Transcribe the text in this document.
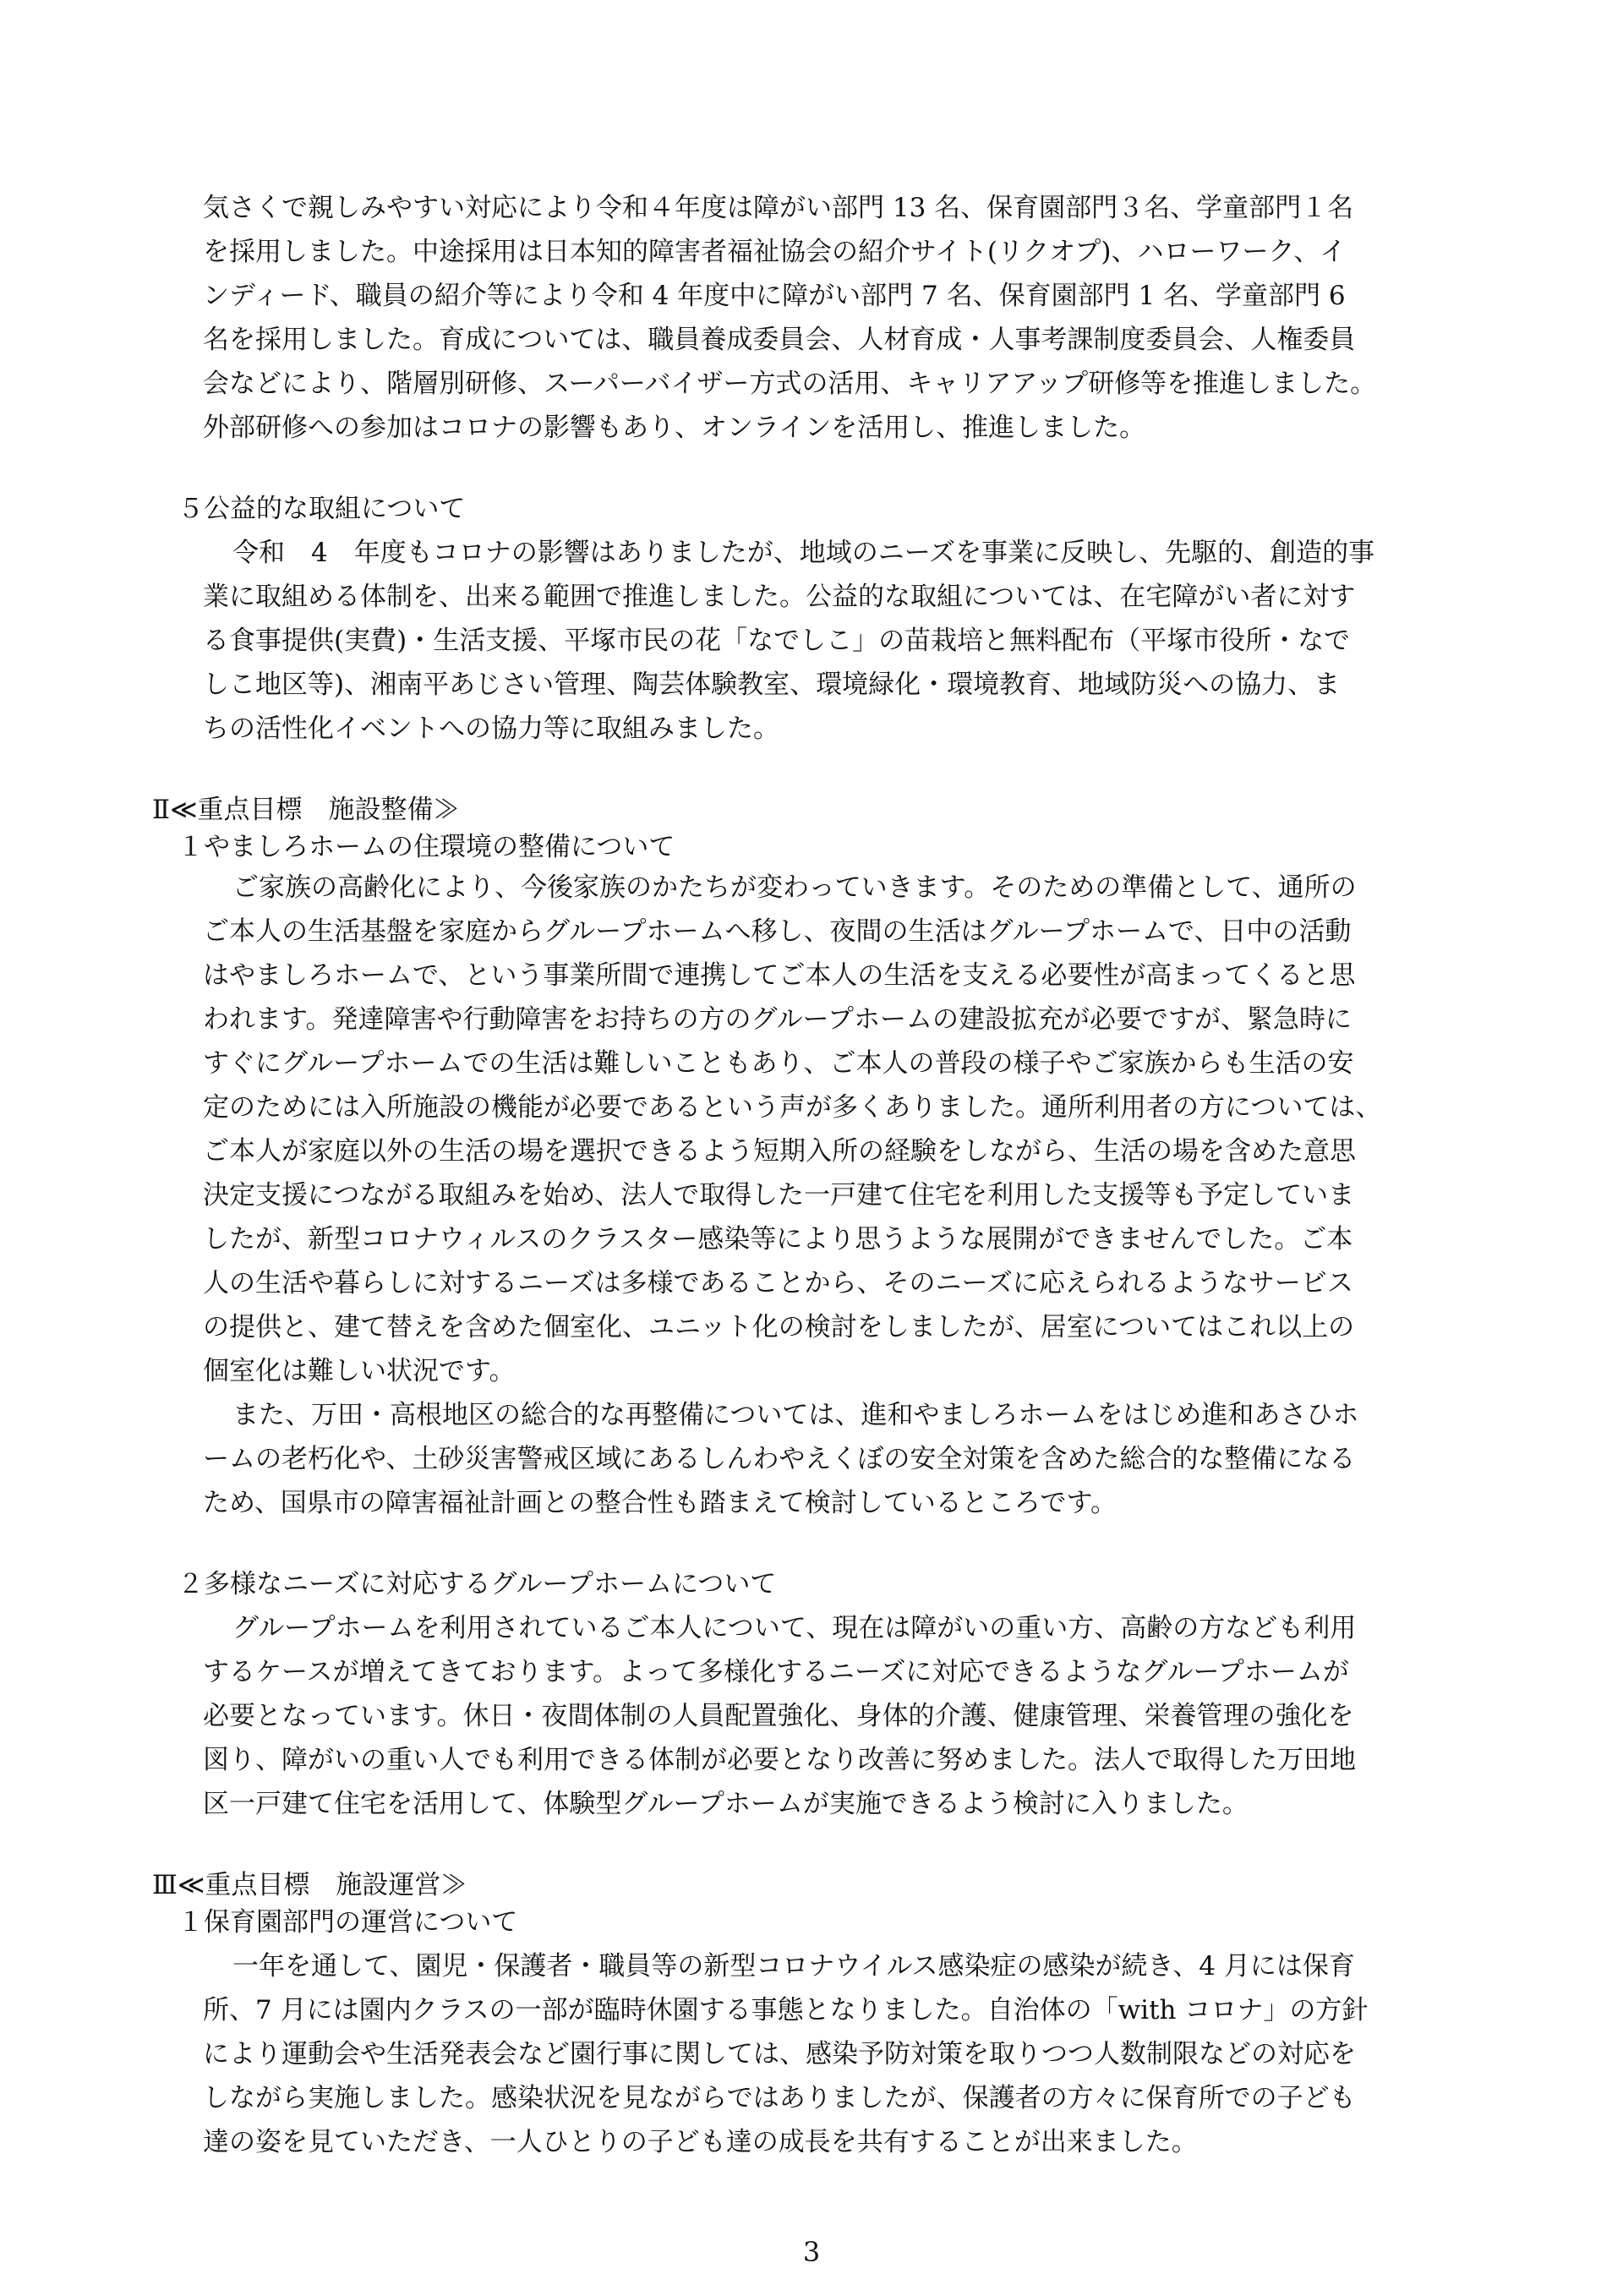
気さくで親しみやすい対応により令和４年度は障がい部門 13 名、保育園部門３名、学童部門１名
を採用しました。中途採用は日本知的障害者福祉協会の紹介サイト(リクオプ)、ハローワーク、イ
ンディード、職員の紹介等により令和 4 年度中に障がい部門 7 名、保育園部門 1 名、学童部門 6
名を採用しました。育成については、職員養成委員会、人材育成・人事考課制度委員会、人権委員
会などにより、階層別研修、スーパーバイザー方式の活用、キャリアアップ研修等を推進しました。
外部研修への参加はコロナの影響もあり、オンラインを活用し、推進しました。
５公益的な取組について
令和　4　年度もコロナの影響はありましたが、地域のニーズを事業に反映し、先駆的、創造的事
業に取組める体制を、出来る範囲で推進しました。公益的な取組については、在宅障がい者に対す
る食事提供(実費)・生活支援、平塚市民の花「なでしこ」の苗栽培と無料配布（平塚市役所・なで
しこ地区等)、湘南平あじさい管理、陶芸体験教室、環境緑化・環境教育、地域防災への協力、ま
ちの活性化イベントへの協力等に取組みました。
Ⅱ≪重点目標　施設整備≫
１やましろホームの住環境の整備について
ご家族の高齢化により、今後家族のかたちが変わっていきます。そのための準備として、通所の
ご本人の生活基盤を家庭からグループホームへ移し、夜間の生活はグループホームで、日中の活動
はやましろホームで、という事業所間で連携してご本人の生活を支える必要性が高まってくると思
われます。発達障害や行動障害をお持ちの方のグループホームの建設拡充が必要ですが、緊急時に
すぐにグループホームでの生活は難しいこともあり、ご本人の普段の様子やご家族からも生活の安
定のためには入所施設の機能が必要であるという声が多くありました。通所利用者の方については、
ご本人が家庭以外の生活の場を選択できるよう短期入所の経験をしながら、生活の場を含めた意思
決定支援につながる取組みを始め、法人で取得した一戸建て住宅を利用した支援等も予定していま
したが、新型コロナウィルスのクラスター感染等により思うような展開ができませんでした。ご本
人の生活や暮らしに対するニーズは多様であることから、そのニーズに応えられるようなサービス
の提供と、建て替えを含めた個室化、ユニット化の検討をしましたが、居室についてはこれ以上の
個室化は難しい状況です。
また、万田・高根地区の総合的な再整備については、進和やましろホームをはじめ進和あさひホ
ームの老朽化や、土砂災害警戒区域にあるしんわやえくぼの安全対策を含めた総合的な整備になる
ため、国県市の障害福祉計画との整合性も踏まえて検討しているところです。
２多様なニーズに対応するグループホームについて
グループホームを利用されているご本人について、現在は障がいの重い方、高齢の方なども利用
するケースが増えてきております。よって多様化するニーズに対応できるようなグループホームが
必要となっています。休日・夜間体制の人員配置強化、身体的介護、健康管理、栄養管理の強化を
図り、障がいの重い人でも利用できる体制が必要となり改善に努めました。法人で取得した万田地
区一戸建て住宅を活用して、体験型グループホームが実施できるよう検討に入りました。
Ⅲ≪重点目標　施設運営≫
１保育園部門の運営について
一年を通して、園児・保護者・職員等の新型コロナウイルス感染症の感染が続き、4 月には保育
所、7 月には園内クラスの一部が臨時休園する事態となりました。自治体の「with コロナ」の方針
により運動会や生活発表会など園行事に関しては、感染予防対策を取りつつ人数制限などの対応を
しながら実施しました。感染状況を見ながらではありましたが、保護者の方々に保育所での子ども
達の姿を見ていただき、一人ひとりの子ども達の成長を共有することが出来ました。
3
